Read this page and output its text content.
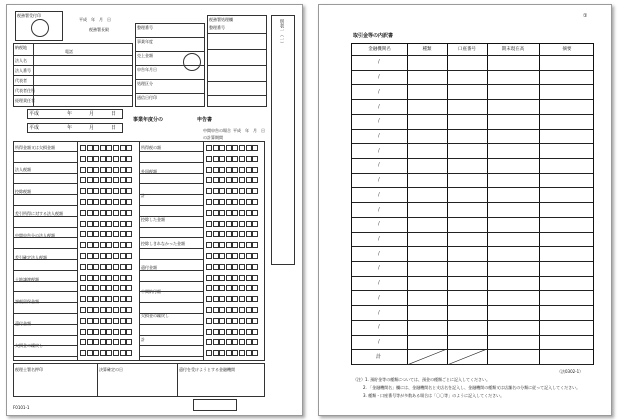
税務署受付印
平成　年　月　日
税務署長殿
納税地
電話
法人名
法人番号
代表者
代表者住所
経理責任者
整理番号
事業年度
売上金額
申告年月日
処理区分
通信日付印
税務署処理欄
整理番号	別表一（一）
平成	年	月	日
平成	年	月	日
事業年度分の	申告書
中間申告の場合 平成　年　月　日
の計算期間
所得金額又は欠損金額
法人税額
控除税額
差引所得に対する法人税額
中間申告分の法人税額
差引確定法人税額
土地譲渡税額
課税留保金額
還付金額
欠損金の繰戻し
所得税の額
外国税額
計
控除した金額
控除しきれなかった金額
還付金額
中間納付額
欠損金の繰戻し
計
税理士署名押印	決算確定の日	還付を受けようとする金融機関
F0101-1
①
取引金等の内訳書
金融機関名	種類	口座番号	期末現在高	摘要
/
/
/
/
/
/
/
/
/
/
/
/
/
/
/
/
/
/
/
/
計
（法0302-1）
（注）1. 預貯金等の種類については、預金の種類ごとに記入してください。
2. 「金融機関名」欄には、金融機関名と支店名を記入し、金融機関の種類又は店舗名の分類に従って記入してください。
3. 種類・口座番号等が多数ある場合は「〇〇等」のように記入してください。
